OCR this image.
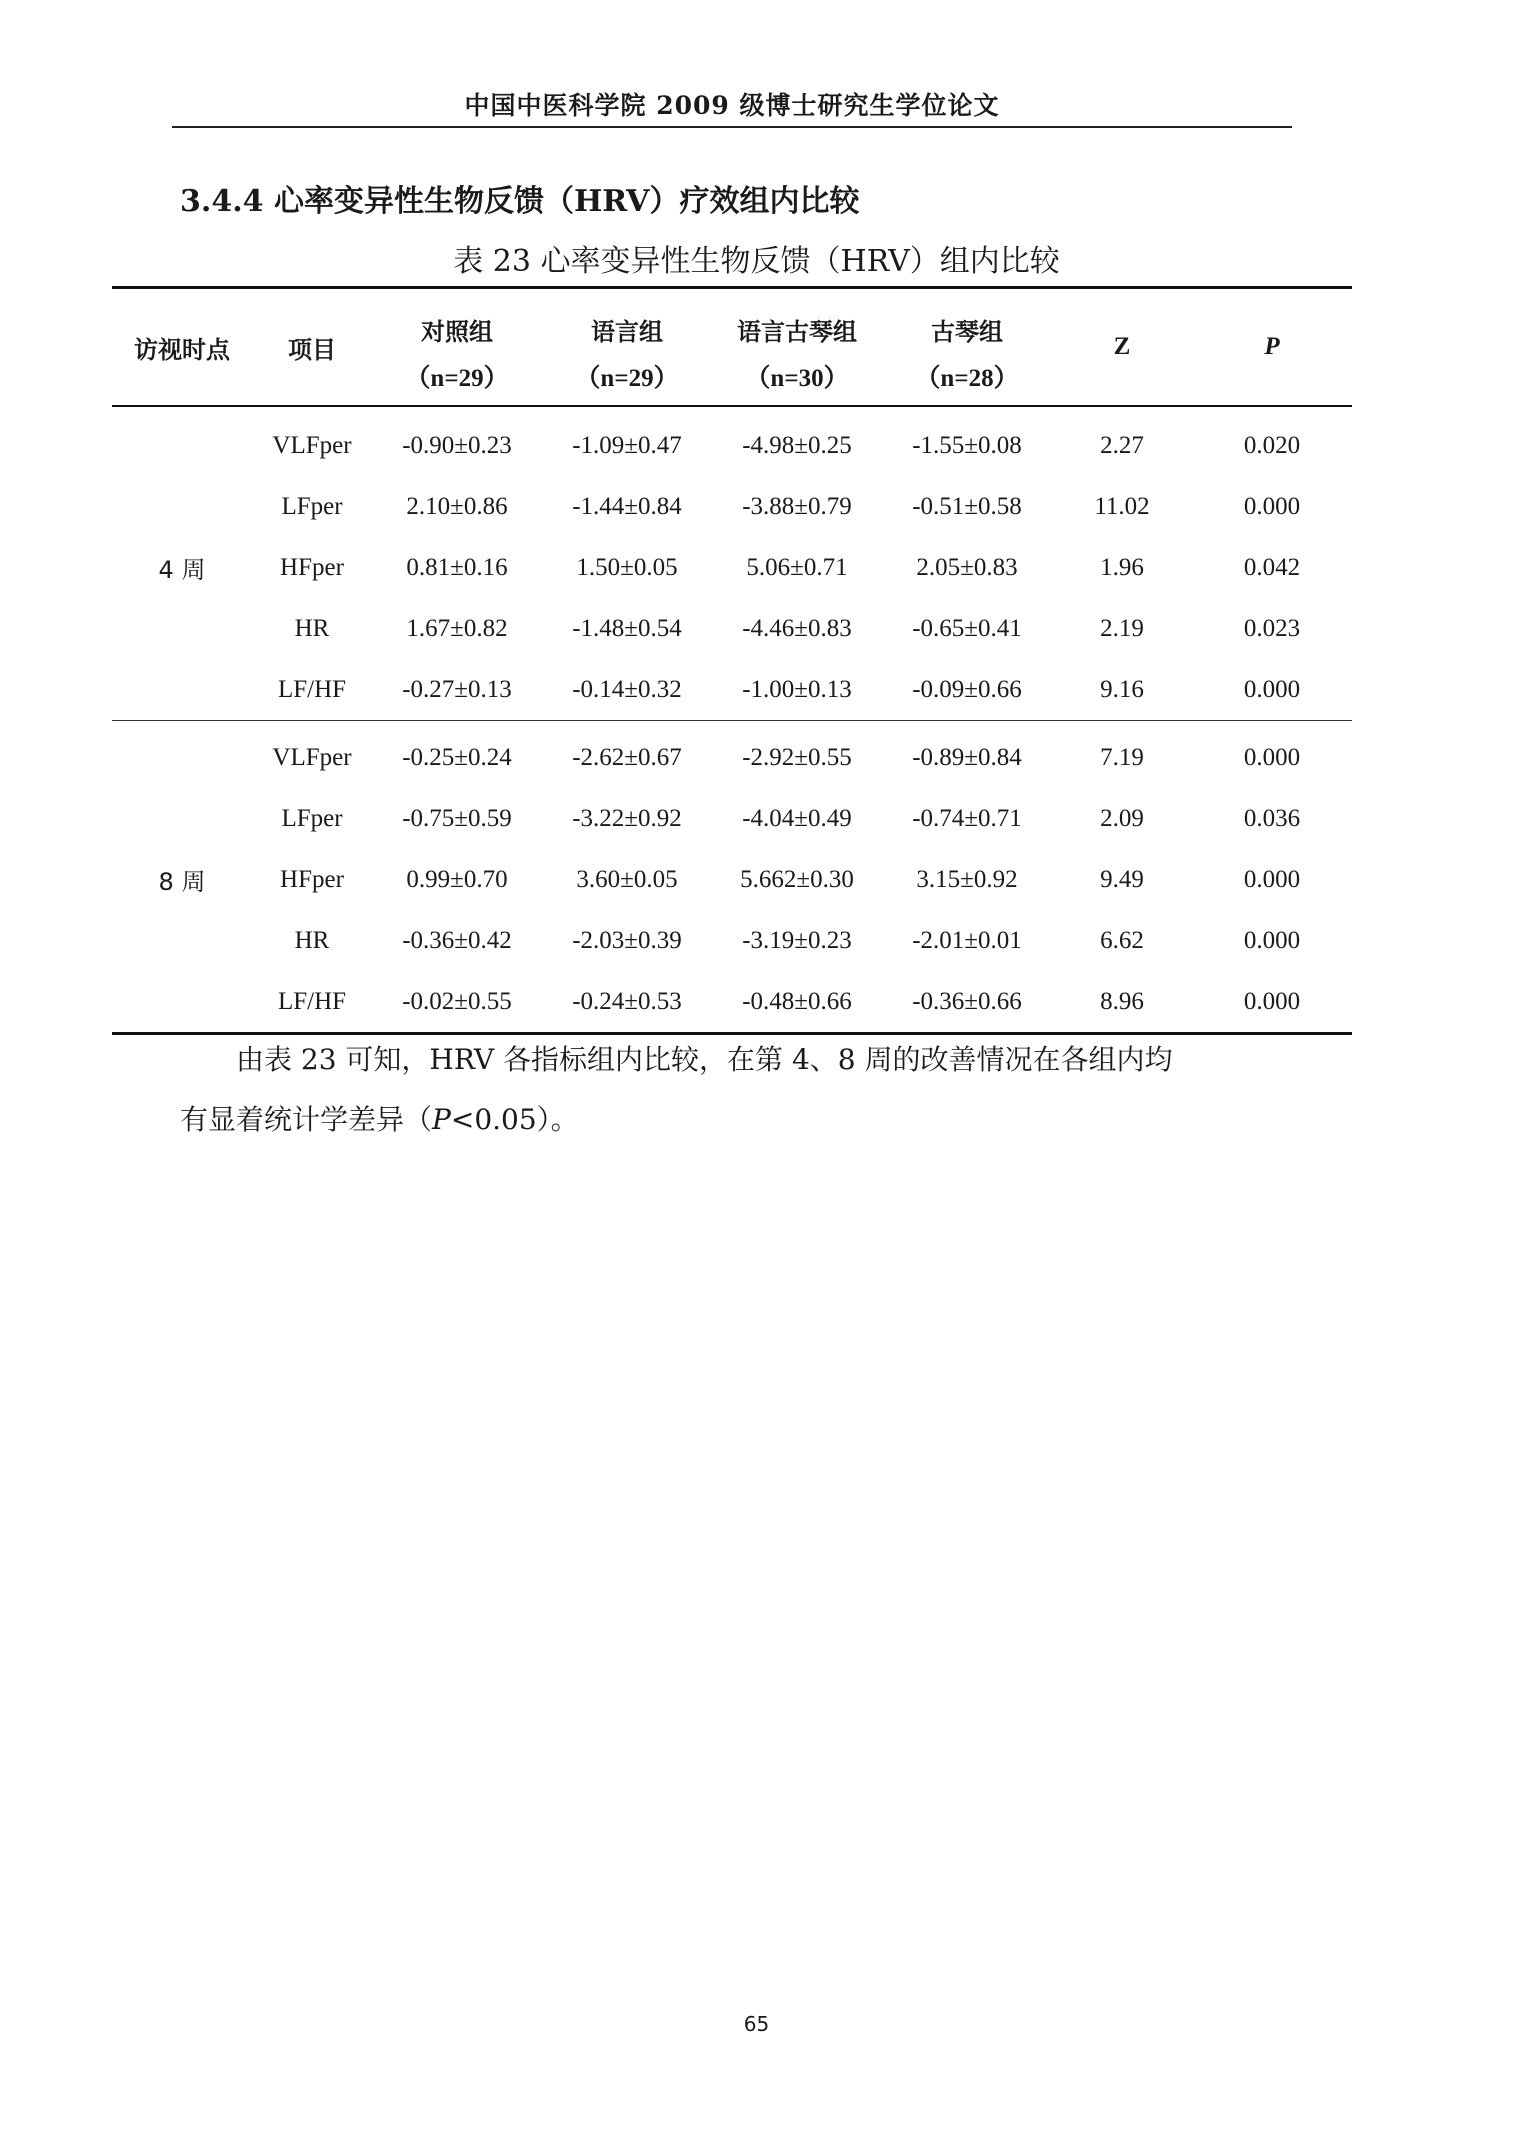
中国中医科学院 2009 级博士研究生学位论文
3.4.4 心率变异性生物反馈（HRV）疗效组内比较
表 23 心率变异性生物反馈（HRV）组内比较
访视时点	项目	对照组	语言组	语言古琴组	古琴组	Z	P
		（n=29）	（n=29）	（n=30）	（n=28）		
4 周	VLFper	-0.90±0.23	-1.09±0.47	-4.98±0.25	-1.55±0.08	2.27	0.020
	LFper	2.10±0.86	-1.44±0.84	-3.88±0.79	-0.51±0.58	11.02	0.000
	HFper	0.81±0.16	1.50±0.05	5.06±0.71	2.05±0.83	1.96	0.042
	HR	1.67±0.82	-1.48±0.54	-4.46±0.83	-0.65±0.41	2.19	0.023
	LF/HF	-0.27±0.13	-0.14±0.32	-1.00±0.13	-0.09±0.66	9.16	0.000
8 周	VLFper	-0.25±0.24	-2.62±0.67	-2.92±0.55	-0.89±0.84	7.19	0.000
	LFper	-0.75±0.59	-3.22±0.92	-4.04±0.49	-0.74±0.71	2.09	0.036
	HFper	0.99±0.70	3.60±0.05	5.662±0.30	3.15±0.92	9.49	0.000
	HR	-0.36±0.42	-2.03±0.39	-3.19±0.23	-2.01±0.01	6.62	0.000
	LF/HF	-0.02±0.55	-0.24±0.53	-0.48±0.66	-0.36±0.66	8.96	0.000
由表 23 可知，HRV 各指标组内比较，在第 4、8 周的改善情况在各组内均
有显着统计学差异（P<0.05）。
65
